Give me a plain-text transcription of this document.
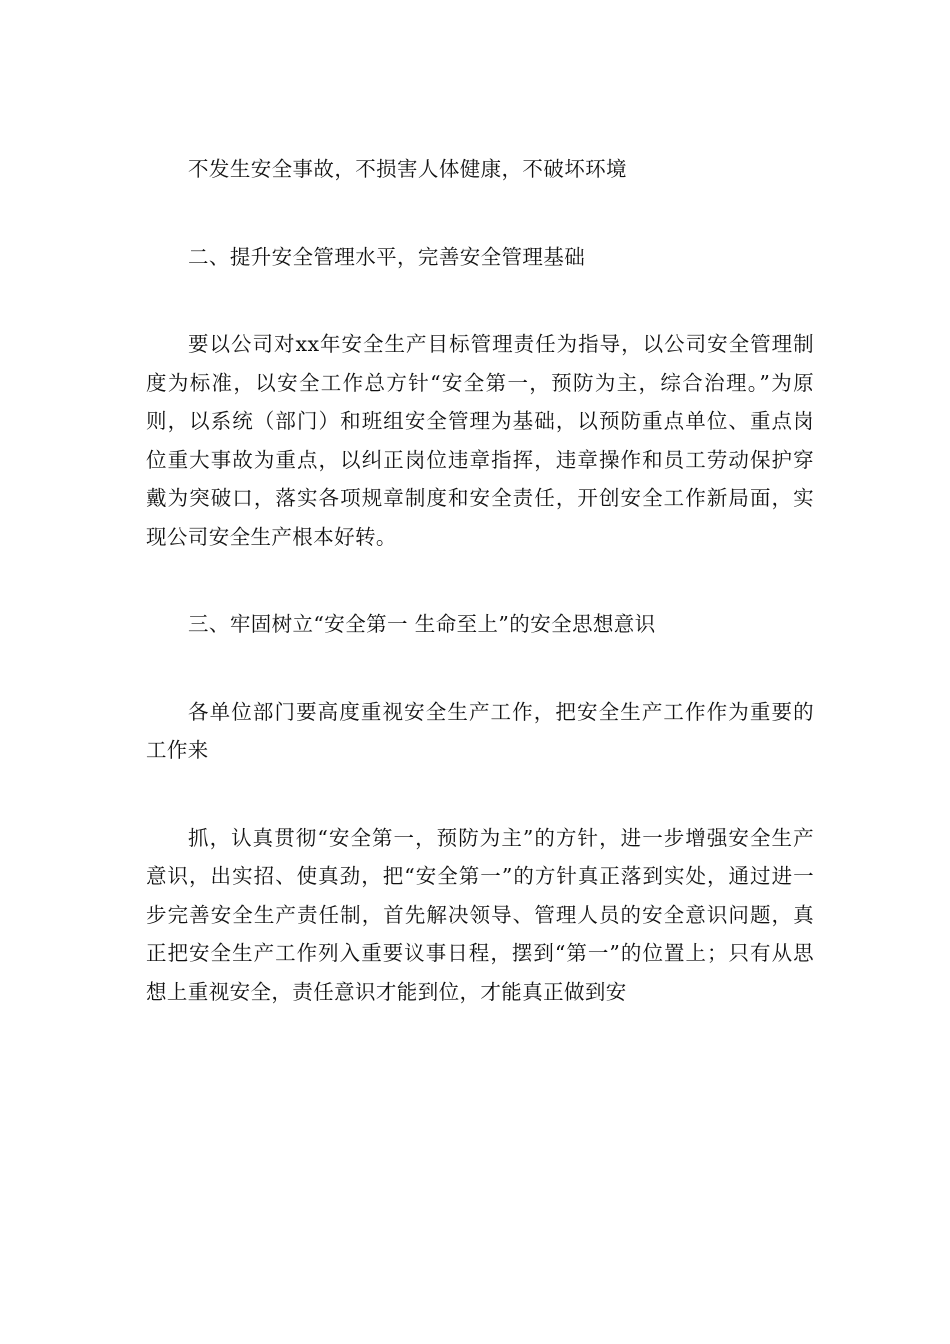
不发生安全事故，不损害人体健康，不破坏环境

二、提升安全管理水平，完善安全管理基础

要以公司对xx年安全生产目标管理责任为指导，以公司安全管理制度为标准，以安全工作总方针“安全第一，预防为主，综合治理。”为原则，以系统（部门）和班组安全管理为基础，以预防重点单位、重点岗位重大事故为重点，以纠正岗位违章指挥，违章操作和员工劳动保护穿戴为突破口，落实各项规章制度和安全责任，开创安全工作新局面，实现公司安全生产根本好转。

三、牢固树立“安全第一 生命至上”的安全思想意识

各单位部门要高度重视安全生产工作，把安全生产工作作为重要的工作来

抓，认真贯彻“安全第一，预防为主”的方针，进一步增强安全生产意识，出实招、使真劲，把“安全第一”的方针真正落到实处，通过进一步完善安全生产责任制，首先解决领导、管理人员的安全意识问题，真正把安全生产工作列入重要议事日程，摆到“第一”的位置上；只有从思想上重视安全，责任意识才能到位，才能真正做到安
